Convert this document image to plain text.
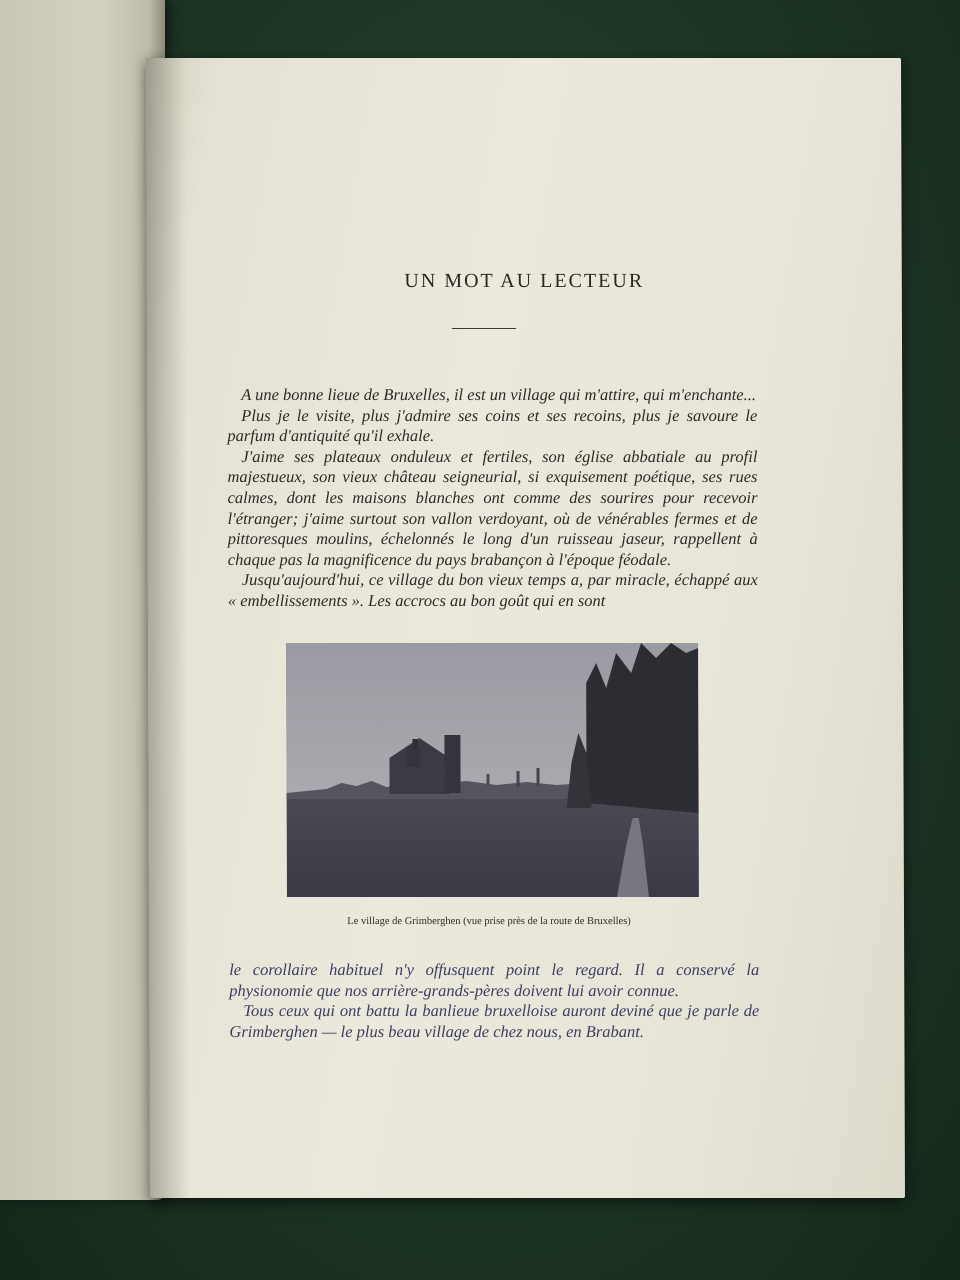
UN MOT AU LECTEUR

A une bonne lieue de Bruxelles, il est un village qui m'attire, qui m'enchante...

Plus je le visite, plus j'admire ses coins et ses recoins, plus je savoure le parfum d'antiquité qu'il exhale.

J'aime ses plateaux onduleux et fertiles, son église abbatiale au profil majestueux, son vieux château seigneurial, si exquisement poétique, ses rues calmes, dont les maisons blanches ont comme des sourires pour recevoir l'étranger; j'aime surtout son vallon verdoyant, où de vénérables fermes et de pittoresques moulins, échelonnés le long d'un ruisseau jaseur, rappellent à chaque pas la magnificence du pays brabançon à l'époque féodale.

Jusqu'aujourd'hui, ce village du bon vieux temps a, par miracle, échappé aux « embellissements ». Les accrocs au bon goût qui en sont

Le village de Grimberghen (vue prise près de la route de Bruxelles)

le corollaire habituel n'y offusquent point le regard. Il a conservé la physionomie que nos arrière-grands-pères doivent lui avoir connue.

Tous ceux qui ont battu la banlieue bruxelloise auront deviné que je parle de Grimberghen — le plus beau village de chez nous, en Brabant.
